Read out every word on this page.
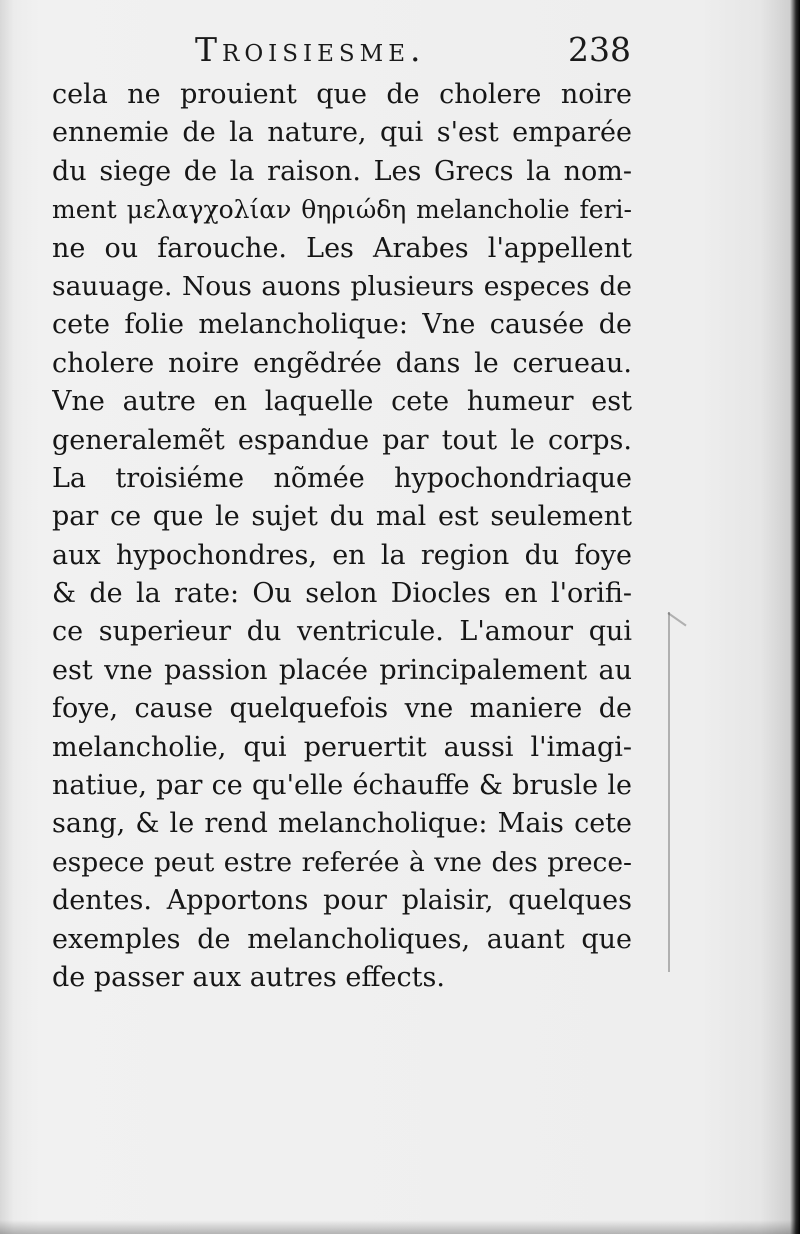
Troisiesme.	238
cela ne prouient que de cholere noire
ennemie de la nature, qui s'est emparée
du siege de la raison. Les Grecs la nom-
ment μελαγχολίαν θηριώδη melancholie feri-
ne ou farouche. Les Arabes l'appellent
sauuage. Nous auons plusieurs especes de
cete folie melancholique: Vne causée de
cholere noire engẽdrée dans le cerueau.
Vne autre en laquelle cete humeur est
generalemẽt espandue par tout le corps.
La troisiéme nõmée hypochondriaque
par ce que le sujet du mal est seulement
aux hypochondres, en la region du foye
& de la rate: Ou selon Diocles en l'orifi-
ce superieur du ventricule. L'amour qui
est vne passion placée principalement au
foye, cause quelquefois vne maniere de
melancholie, qui peruertit aussi l'imagi-
natiue, par ce qu'elle échauffe & brusle le
sang, & le rend melancholique: Mais cete
espece peut estre referée à vne des prece-
dentes. Apportons pour plaisir, quelques
exemples de melancholiques, auant que
de passer aux autres effects.
